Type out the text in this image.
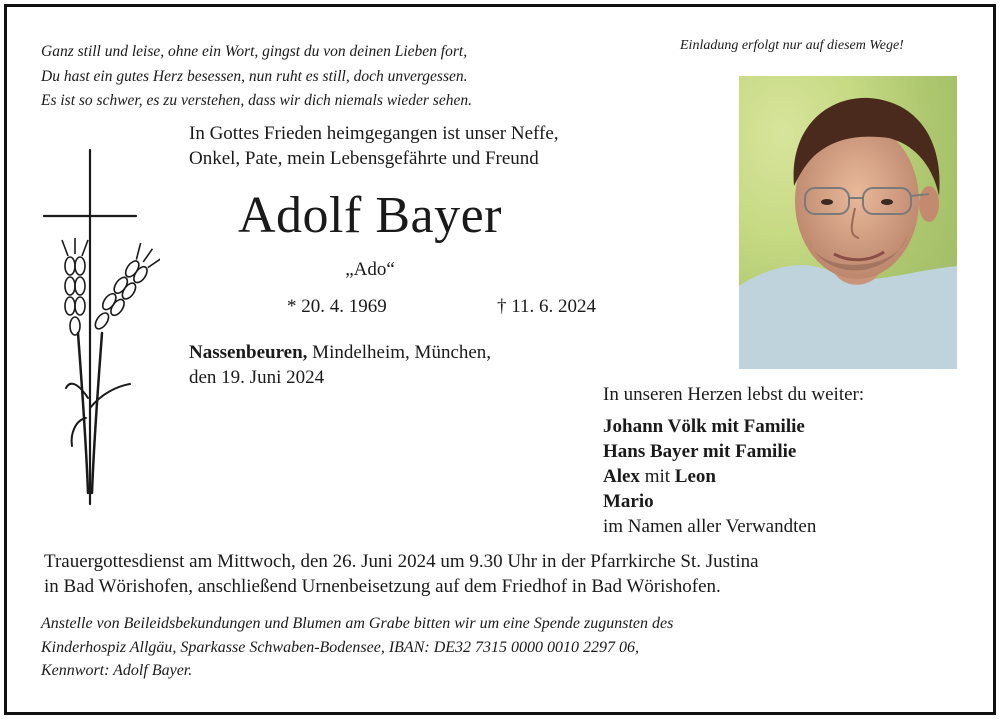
Ganz still und leise, ohne ein Wort, gingst du von deinen Lieben fort,
Du hast ein gutes Herz besessen, nun ruht es still, doch unvergessen.
Es ist so schwer, es zu verstehen, dass wir dich niemals wieder sehen.
Einladung erfolgt nur auf diesem Wege!
In Gottes Frieden heimgegangen ist unser Neffe,
Onkel, Pate, mein Lebensgefährte und Freund
Adolf Bayer
„Ado“
* 20. 4. 1969	† 11. 6. 2024
Nassenbeuren, Mindelheim, München,
den 19. Juni 2024
In unseren Herzen lebst du weiter:
Johann Völk mit Familie
Hans Bayer mit Familie
Alex mit Leon
Mario
im Namen aller Verwandten
Trauergottesdienst am Mittwoch, den 26. Juni 2024 um 9.30 Uhr in der Pfarrkirche St. Justina
in Bad Wörishofen, anschließend Urnenbeisetzung auf dem Friedhof in Bad Wörishofen.
Anstelle von Beileidsbekundungen und Blumen am Grabe bitten wir um eine Spende zugunsten des
Kinderhospiz Allgäu, Sparkasse Schwaben-Bodensee, IBAN: DE32 7315 0000 0010 2297 06,
Kennwort: Adolf Bayer.
